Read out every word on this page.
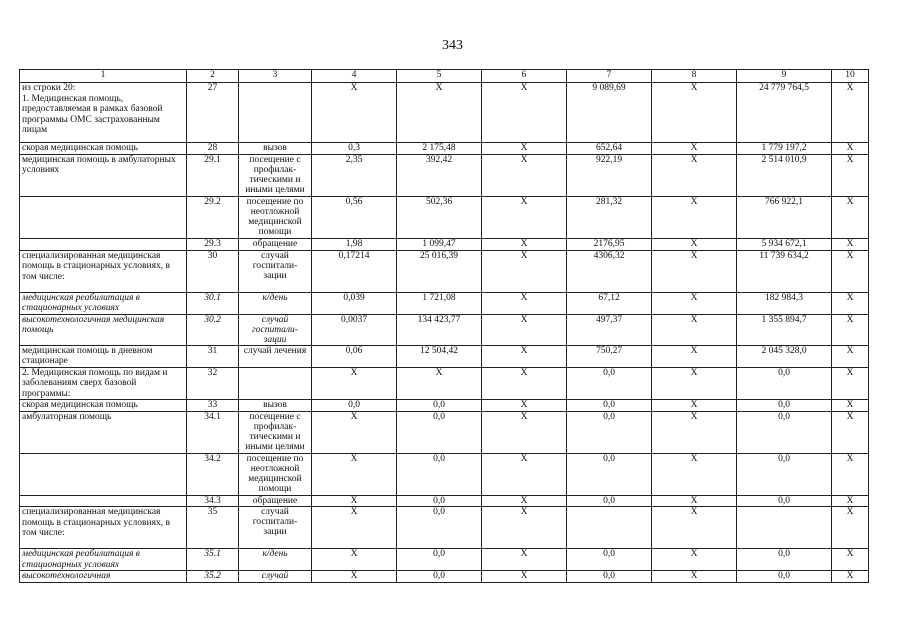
343
1	2	3	4	5	6	7	8	9	10
из строки 20:
1. Медицинская помощь, предоставляемая в рамках базовой программы ОМС застрахованным лицам	27		X	X	X	9 089,69	X	24 779 764,5	X
скорая медицинская помощь	28	вызов	0,3	2 175,48	X	652,64	X	1 779 197,2	X
медицинская помощь в амбулаторных условиях	29.1	посещение с профилак- тическими и иными целями	2,35	392,42	X	922,19	X	2 514 010,9	X
	29.2	посещение по неотложной медицинской помощи	0,56	502,36	X	281,32	X	766 922,1	X
	29.3	обращение	1,98	1 099,47	X	2176,95	X	5 934 672,1	X
специализированная медицинская помощь в стационарных условиях, в том числе:	30	случай госпитали- зации	0,17214	25 016,39	X	4306,32	X	11 739 634,2	X
медицинская реабилитация в стационарных условиях	30.1	к/день	0,039	1 721,08	X	67,12	X	182 984,3	X
высокотехнологичная медицинская помощь	30.2	случай госпитали- зации	0,0037	134 423,77	X	497,37	X	1 355 894,7	X
медицинская помощь в дневном стационаре	31	случай лечения	0,06	12 504,42	X	750,27	X	2 045 328,0	X
2. Медицинская помощь по видам и заболеваниям сверх базовой программы:	32		X	X	X	0,0	X	0,0	X
скорая медицинская помощь	33	вызов	0,0	0,0	X	0,0	X	0,0	X
амбулаторная помощь	34.1	посещение с профилак- тическими и иными целями	X	0,0	X	0,0	X	0,0	X
	34.2	посещение по неотложной медицинской помощи	X	0,0	X	0,0	X	0,0	X
	34.3	обращение	X	0,0	X	0,0	X	0,0	X
специализированная медицинская помощь в стационарных условиях, в том числе:	35	случай госпитали- зации	X	0,0	X		X		X
медицинская реабилитация в стационарных условиях	35.1	к/день	X	0,0	X	0,0	X	0,0	X
высокотехнологичная	35.2	случай	X	0,0	X	0,0	X	0,0	X
